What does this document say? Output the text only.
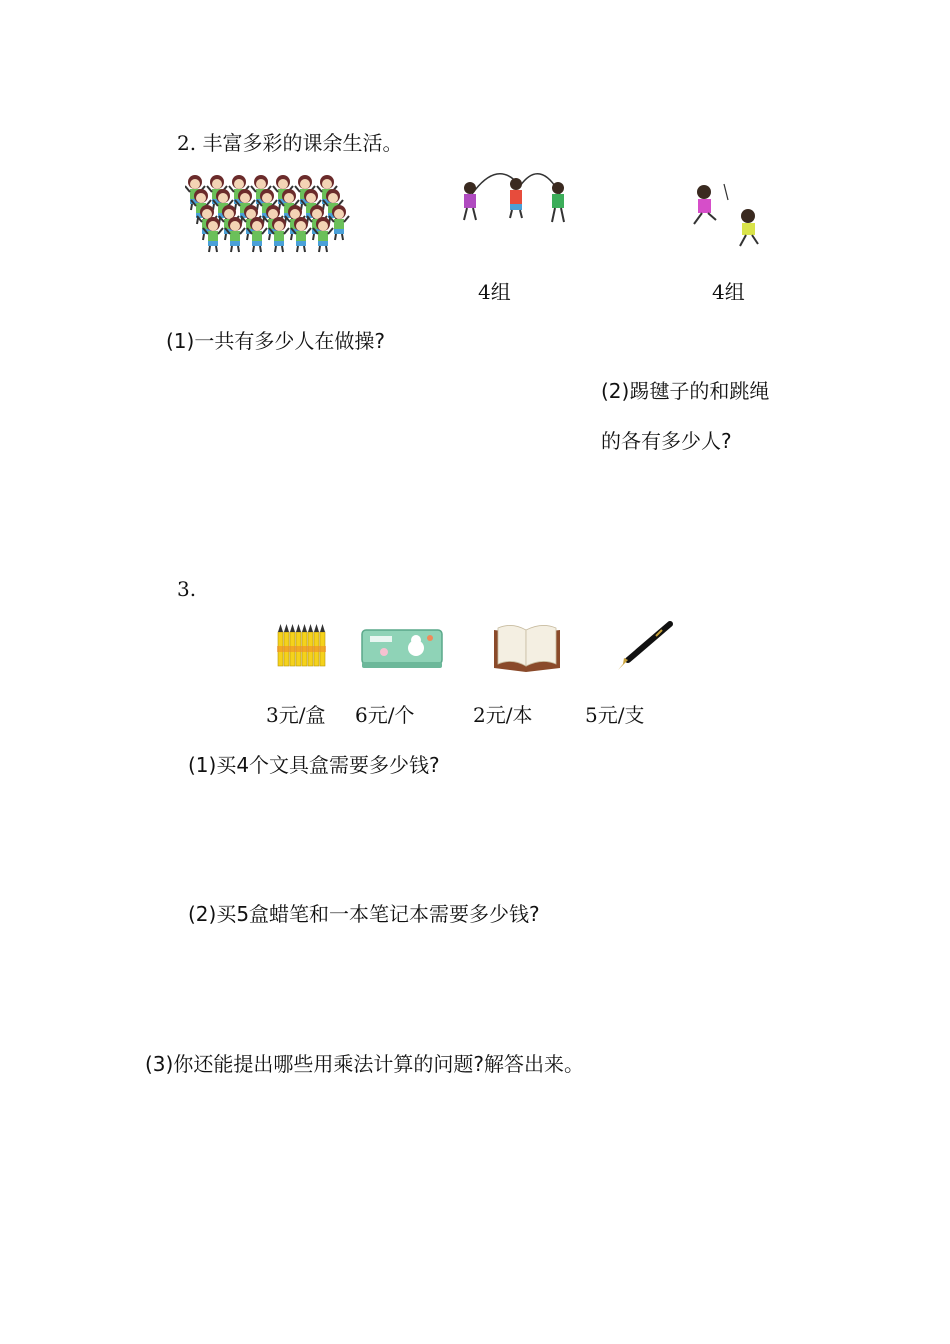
2. 丰富多彩的课余生活。
4组	4组
(1)一共有多少人在做操?
(2)踢毽子的和跳绳
的各有多少人?
3.
3元/盒 6元/个	2元/本	5元/支
(1)买4个文具盒需要多少钱?
(2)买5盒蜡笔和一本笔记本需要多少钱?
(3)你还能提出哪些用乘法计算的问题?解答出来。
